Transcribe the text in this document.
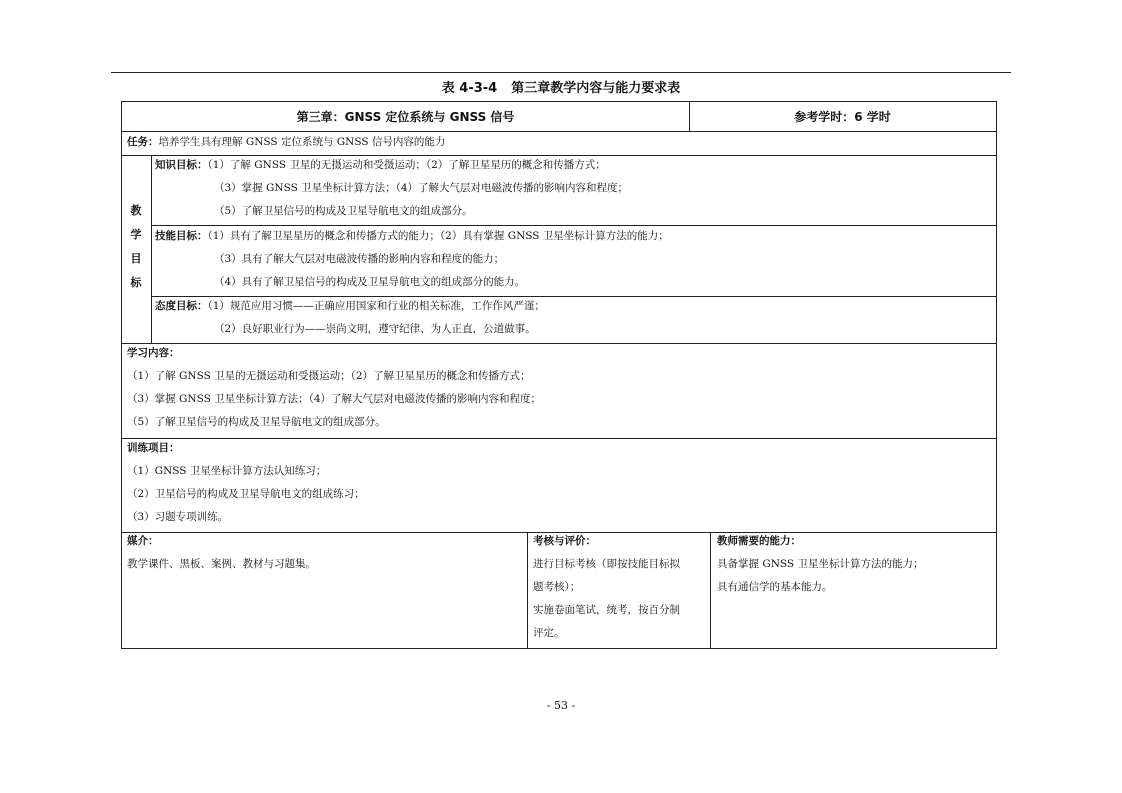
表 4-3-4 第三章教学内容与能力要求表
第三章：GNSS 定位系统与 GNSS 信号	参考学时：6 学时
任务：培养学生具有理解 GNSS 定位系统与 GNSS 信号内容的能力
教
学
目
标
知识目标：（1）了解 GNSS 卫星的无摄运动和受摄运动；（2）了解卫星星历的概念和传播方式；
（3）掌握 GNSS 卫星坐标计算方法；（4）了解大气层对电磁波传播的影响内容和程度；
（5）了解卫星信号的构成及卫星导航电文的组成部分。
技能目标：（1）具有了解卫星星历的概念和传播方式的能力；（2）具有掌握 GNSS 卫星坐标计算方法的能力；
（3）具有了解大气层对电磁波传播的影响内容和程度的能力；
（4）具有了解卫星信号的构成及卫星导航电文的组成部分的能力。
态度目标：（1）规范应用习惯——正确应用国家和行业的相关标准，工作作风严谨；
（2）良好职业行为——崇尚文明，遵守纪律、为人正直，公道做事。
学习内容：
（1）了解 GNSS 卫星的无摄运动和受摄运动；（2）了解卫星星历的概念和传播方式；
（3）掌握 GNSS 卫星坐标计算方法；（4）了解大气层对电磁波传播的影响内容和程度；
（5）了解卫星信号的构成及卫星导航电文的组成部分。
训练项目：
（1）GNSS 卫星坐标计算方法认知练习；
（2）卫星信号的构成及卫星导航电文的组成练习；
（3）习题专项训练。
媒介：
教学课件、黑板、案例、教材与习题集。
考核与评价：
进行目标考核（即按技能目标拟
题考核）；
实施卷面笔试，统考，按百分制
评定。
教师需要的能力：
具备掌握 GNSS 卫星坐标计算方法的能力；
具有通信学的基本能力。
- 53 -
